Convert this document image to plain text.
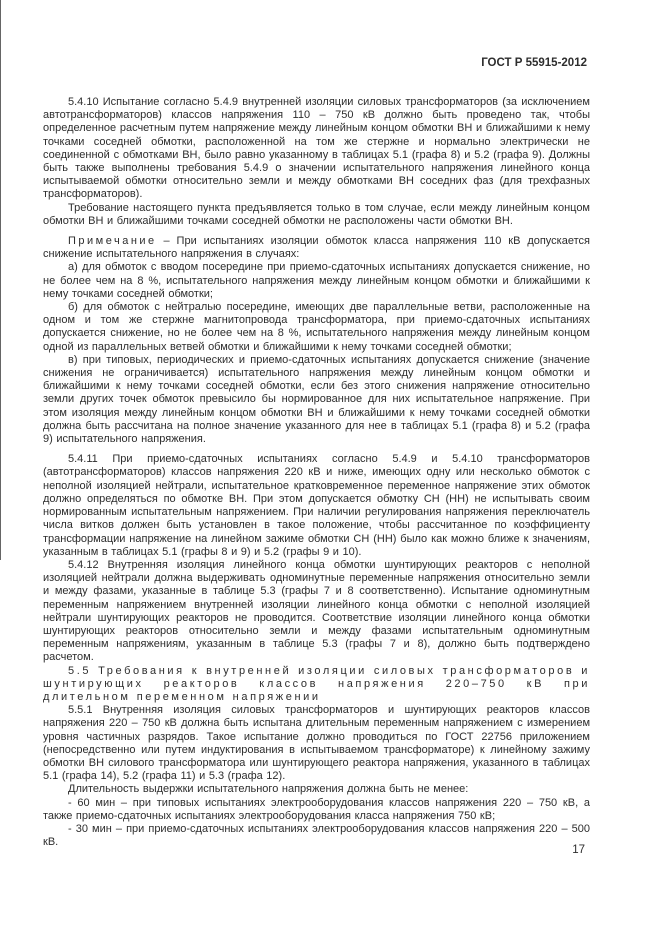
ГОСТ Р 55915-2012

5.4.10 Испытание согласно 5.4.9 внутренней изоляции силовых трансформаторов (за исключением автотрансформаторов) классов напряжения 110 – 750 кВ должно быть проведено так, чтобы определенное расчетным путем напряжение между линейным концом обмотки ВН и ближайшими к нему точками соседней обмотки, расположенной на том же стержне и нормально электрически не соединенной с обмотками ВН, было равно указанному в таблицах 5.1 (графа 8) и 5.2 (графа 9). Должны быть также выполнены требования 5.4.9 о значении испытательного напряжения линейного конца испытываемой обмотки относительно земли и между обмотками ВН соседних фаз (для трехфазных трансформаторов).

Требование настоящего пункта предъявляется только в том случае, если между линейным концом обмотки ВН и ближайшими точками соседней обмотки не расположены части обмотки ВН.

Примечание – При испытаниях изоляции обмоток класса напряжения 110 кВ допускается снижение испытательного напряжения в случаях:

а) для обмоток с вводом посередине при приемо-сдаточных испытаниях допускается снижение, но не более чем на 8 %, испытательного напряжения между линейным концом обмотки и ближайшими к нему точками соседней обмотки;

б) для обмоток с нейтралью посередине, имеющих две параллельные ветви, расположенные на одном и том же стержне магнитопровода трансформатора, при приемо-сдаточных испытаниях допускается снижение, но не более чем на 8 %, испытательного напряжения между линейным концом одной из параллельных ветвей обмотки и ближайшими к нему точками соседней обмотки;

в) при типовых, периодических и приемо-сдаточных испытаниях допускается снижение (значение снижения не ограничивается) испытательного напряжения между линейным концом обмотки и ближайшими к нему точками соседней обмотки, если без этого снижения напряжение относительно земли других точек обмоток превысило бы нормированное для них испытательное напряжение. При этом изоляция между линейным концом обмотки ВН и ближайшими к нему точками соседней обмотки должна быть рассчитана на полное значение указанного для нее в таблицах 5.1 (графа 8) и 5.2 (графа 9) испытательного напряжения.

5.4.11 При приемо-сдаточных испытаниях согласно 5.4.9 и 5.4.10 трансформаторов (автотрансформаторов) классов напряжения 220 кВ и ниже, имеющих одну или несколько обмоток с неполной изоляцией нейтрали, испытательное кратковременное переменное напряжение этих обмоток должно определяться по обмотке ВН. При этом допускается обмотку СН (НН) не испытывать своим нормированным испытательным напряжением. При наличии регулирования напряжения переключатель числа витков должен быть установлен в такое положение, чтобы рассчитанное по коэффициенту трансформации напряжение на линейном зажиме обмотки СН (НН) было как можно ближе к значениям, указанным в таблицах 5.1 (графы 8 и 9) и 5.2 (графы 9 и 10).

5.4.12 Внутренняя изоляция линейного конца обмотки шунтирующих реакторов с неполной изоляцией нейтрали должна выдерживать одноминутные переменные напряжения относительно земли и между фазами, указанные в таблице 5.3 (графы 7 и 8 соответственно). Испытание одноминутным переменным напряжением внутренней изоляции линейного конца обмотки с неполной изоляцией нейтрали шунтирующих реакторов не проводится. Соответствие изоляции линейного конца обмотки шунтирующих реакторов относительно земли и между фазами испытательным одноминутным переменным напряжениям, указанным в таблице 5.3 (графы 7 и 8), должно быть подтверждено расчетом.

5.5 Требования к внутренней изоляции силовых трансформаторов и шунтирующих реакторов классов напряжения 220–750 кВ при длительном переменном напряжении

5.5.1 Внутренняя изоляция силовых трансформаторов и шунтирующих реакторов классов напряжения 220 – 750 кВ должна быть испытана длительным переменным напряжением с измерением уровня частичных разрядов. Такое испытание должно проводиться по ГОСТ 22756 приложением (непосредственно или путем индуктирования в испытываемом трансформаторе) к линейному зажиму обмотки ВН силового трансформатора или шунтирующего реактора напряжения, указанного в таблицах 5.1 (графа 14), 5.2 (графа 11) и 5.3 (графа 12).

Длительность выдержки испытательного напряжения должна быть не менее:

- 60 мин – при типовых испытаниях электрооборудования классов напряжения 220 – 750 кВ, а также приемо-сдаточных испытаниях электрооборудования класса напряжения 750 кВ;

- 30 мин – при приемо-сдаточных испытаниях электрооборудования классов напряжения 220 – 500 кВ.

17
